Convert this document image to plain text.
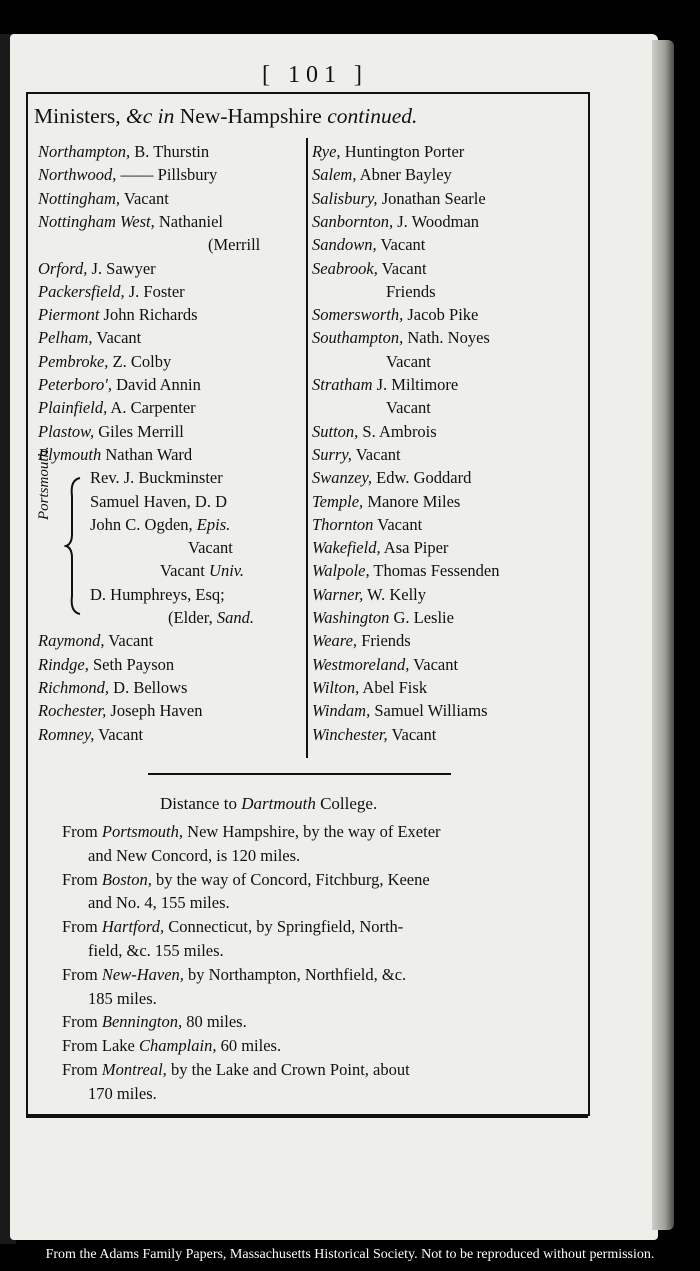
[ 101 ]
Ministers, &c in New-Hampshire continued.
Northampton, B. Thurstin
Northwood, —— Pillsbury
Nottingham, Vacant
Nottingham West, Nathaniel
(Merrill
Orford, J. Sawyer
Packersfield, J. Foster
Piermont John Richards
Pelham, Vacant
Pembroke, Z. Colby
Peterboro', David Annin
Plainfield, A. Carpenter
Plastow, Giles Merrill
Plymouth Nathan Ward
Rev. J. Buckminster
Samuel Haven, D. D
John C. Ogden, Epis.
Vacant
Vacant Univ.
D. Humphreys, Esq;
(Elder, Sand.
Raymond, Vacant
Rindge, Seth Payson
Richmond, D. Bellows
Rochester, Joseph Haven
Romney, Vacant
Rye, Huntington Porter
Salem, Abner Bayley
Salisbury, Jonathan Searle
Sanbornton, J. Woodman
Sandown, Vacant
Seabrook, Vacant
Friends
Somersworth, Jacob Pike
Southampton, Nath. Noyes
Vacant
Stratham J. Miltimore
Vacant
Sutton, S. Ambrois
Surry, Vacant
Swanzey, Edw. Goddard
Temple, Manore Miles
Thornton Vacant
Wakefield, Asa Piper
Walpole, Thomas Fessenden
Warner, W. Kelly
Washington G. Leslie
Weare, Friends
Westmoreland, Vacant
Wilton, Abel Fisk
Windam, Samuel Williams
Winchester, Vacant
Portsmouth.
Distance to Dartmouth College.
From Portsmouth, New Hampshire, by the way of Exeter
and New Concord, is 120 miles.
From Boston, by the way of Concord, Fitchburg, Keene
and No. 4, 155 miles.
From Hartford, Connecticut, by Springfield, North-
field, &c. 155 miles.
From New-Haven, by Northampton, Northfield, &c.
185 miles.
From Bennington, 80 miles.
From Lake Champlain, 60 miles.
From Montreal, by the Lake and Crown Point, about
170 miles.
From the Adams Family Papers, Massachusetts Historical Society. Not to be reproduced without permission.
